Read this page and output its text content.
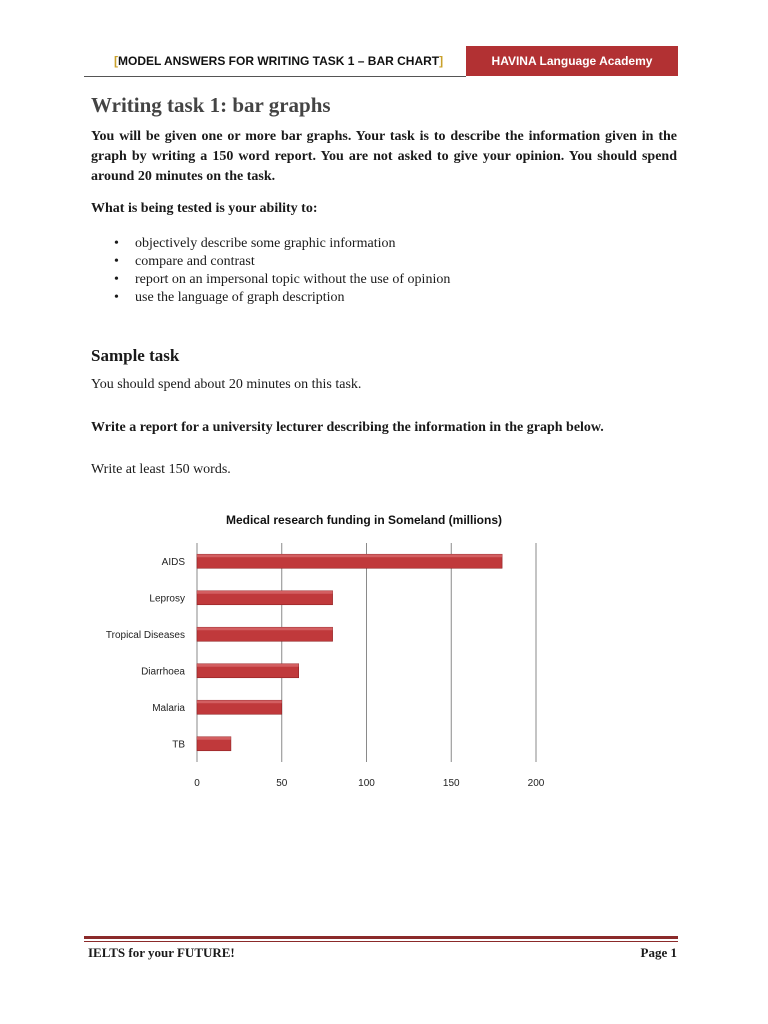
[MODEL ANSWERS FOR WRITING TASK 1 – BAR CHART]	HAVINA Language Academy
Writing task 1: bar graphs

You will be given one or more bar graphs. Your task is to describe the information given in the graph by writing a 150 word report. You are not asked to give your opinion. You should spend around 20 minutes on the task.

What is being tested is your ability to:

• objectively describe some graphic information
• compare and contrast
• report on an impersonal topic without the use of opinion
• use the language of graph description
Sample task

You should spend about 20 minutes on this task.

Write a report for a university lecturer describing the information in the graph below.

Write at least 150 words.

Medical research funding in Someland (millions)
0	50	100	150	200
AIDS
Leprosy
Tropical Diseases
Diarrhoea
Malaria
TB
IELTS for your FUTURE!	Page 1
